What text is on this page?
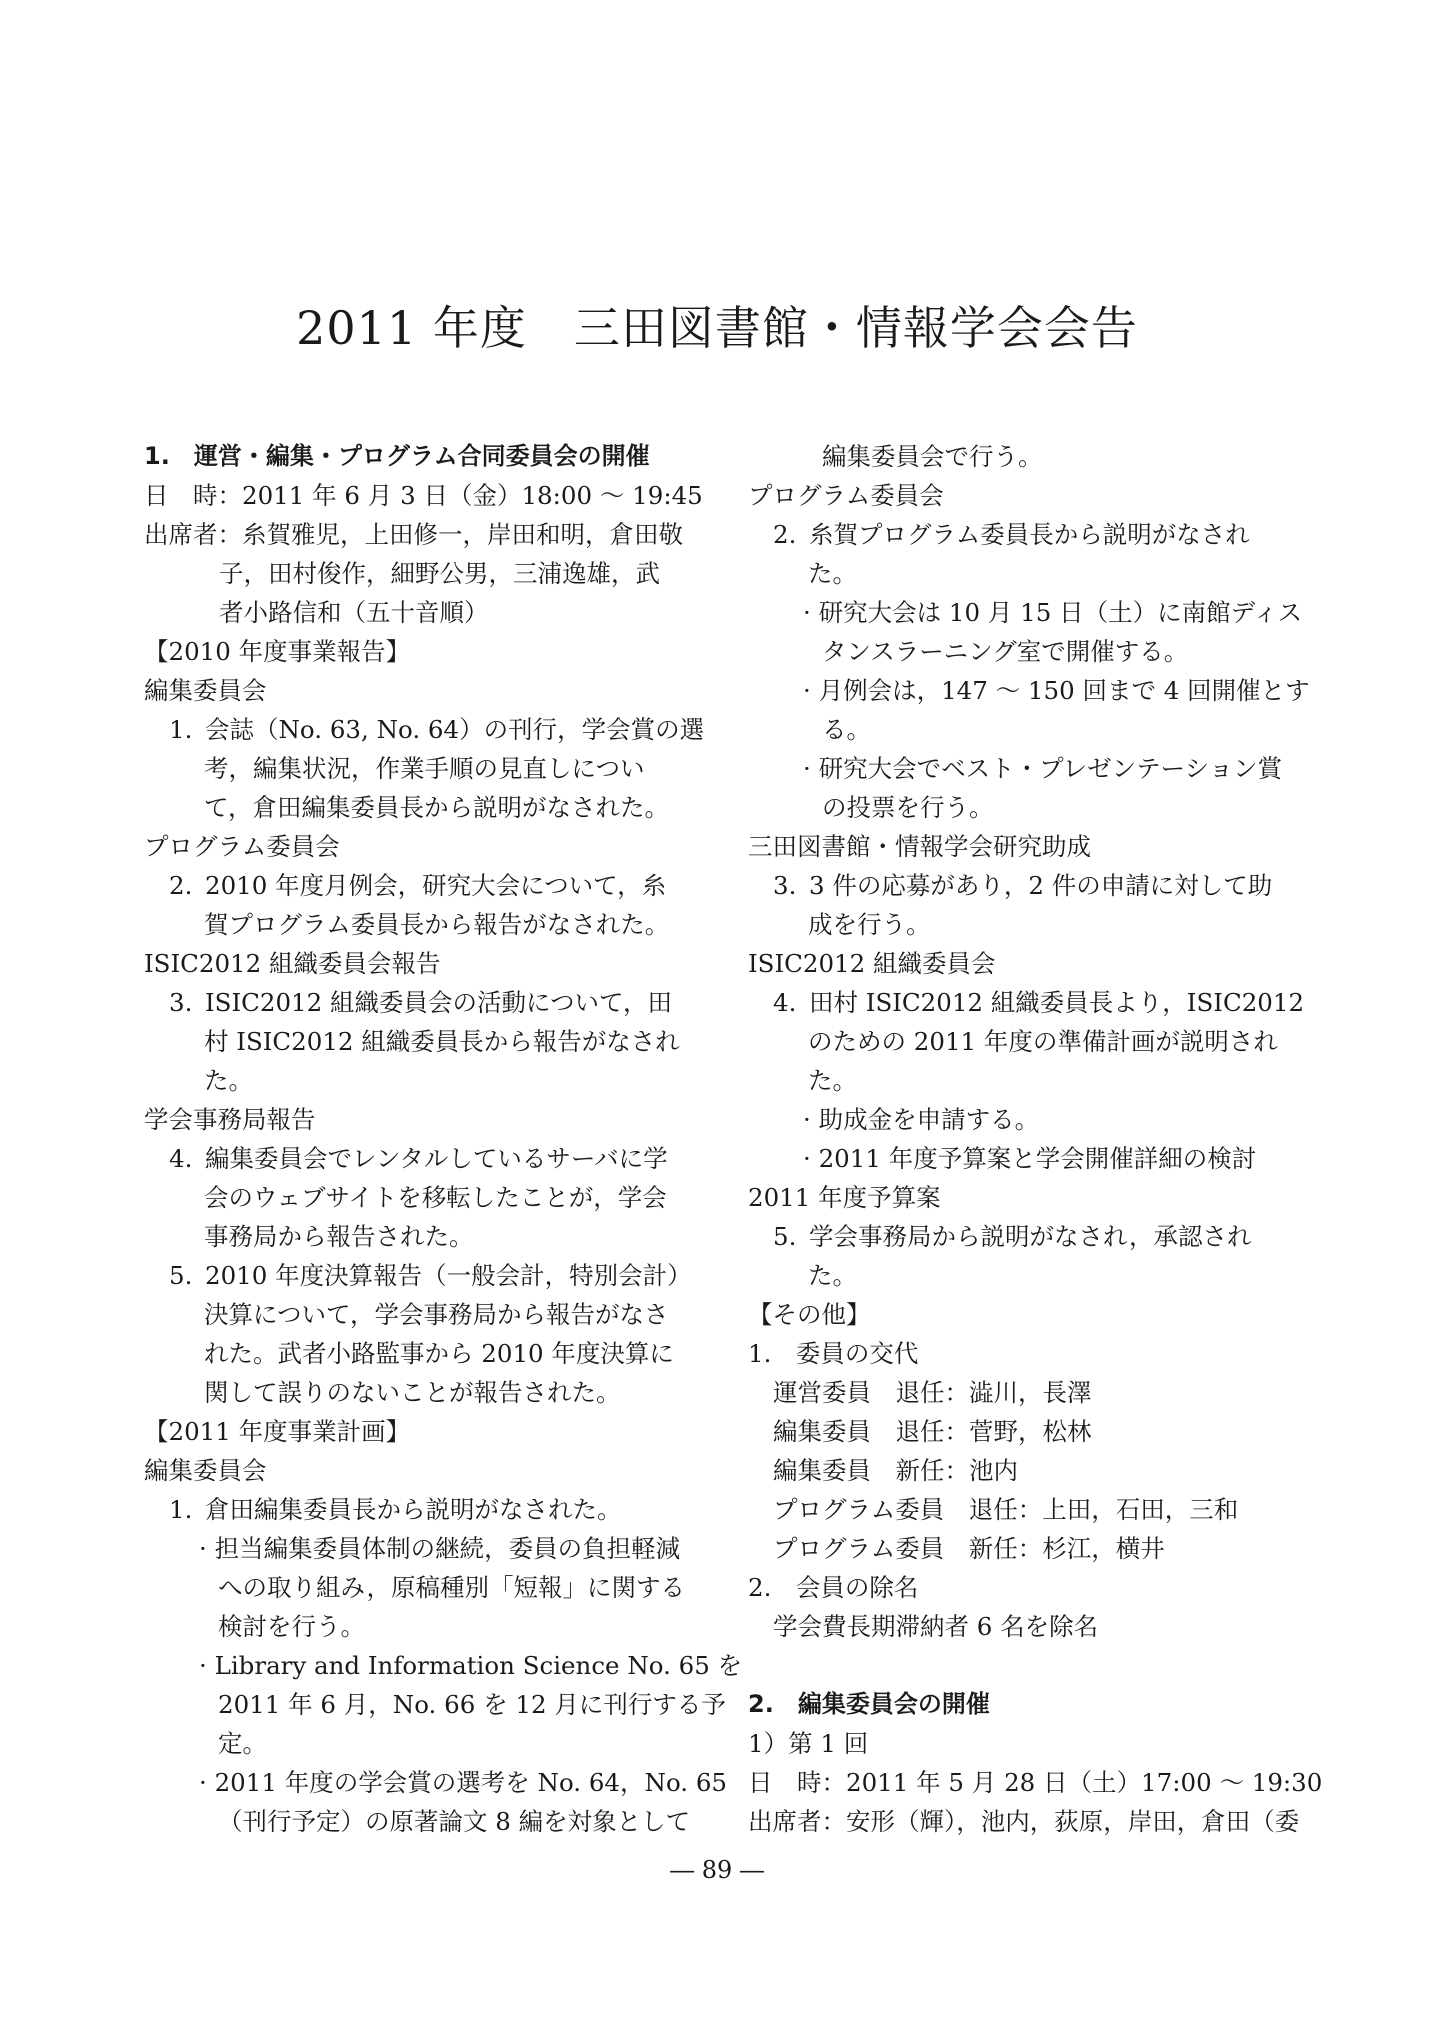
2011 年度　三田図書館・情報学会会告
1.　運営・編集・プログラム合同委員会の開催
日　時：2011 年 6 月 3 日（金）18:00 ～ 19:45
出席者：糸賀雅児，上田修一，岸田和明，倉田敬
子，田村俊作，細野公男，三浦逸雄，武
者小路信和（五十音順）
【2010 年度事業報告】
編集委員会
1. 会誌（No. 63, No. 64）の刊行，学会賞の選
考，編集状況，作業手順の見直しについ
て，倉田編集委員長から説明がなされた。
プログラム委員会
2. 2010 年度月例会，研究大会について，糸
賀プログラム委員長から報告がなされた。
ISIC2012 組織委員会報告
3. ISIC2012 組織委員会の活動について，田
村 ISIC2012 組織委員長から報告がなされ
た。
学会事務局報告
4. 編集委員会でレンタルしているサーバに学
会のウェブサイトを移転したことが，学会
事務局から報告された。
5. 2010 年度決算報告（一般会計，特別会計）
決算について，学会事務局から報告がなさ
れた。武者小路監事から 2010 年度決算に
関して誤りのないことが報告された。
【2011 年度事業計画】
編集委員会
1. 倉田編集委員長から説明がなされた。
· 担当編集委員体制の継続，委員の負担軽減
への取り組み，原稿種別「短報」に関する
検討を行う。
· Library and Information Science No. 65 を
2011 年 6 月，No. 66 を 12 月に刊行する予
定。
· 2011 年度の学会賞の選考を No. 64，No. 65
（刊行予定）の原著論文 8 編を対象として
編集委員会で行う。
プログラム委員会
2. 糸賀プログラム委員長から説明がなされ
た。
· 研究大会は 10 月 15 日（土）に南館ディス
タンスラーニング室で開催する。
· 月例会は，147 ～ 150 回まで 4 回開催とす
る。
· 研究大会でベスト・プレゼンテーション賞
の投票を行う。
三田図書館・情報学会研究助成
3. 3 件の応募があり，2 件の申請に対して助
成を行う。
ISIC2012 組織委員会
4. 田村 ISIC2012 組織委員長より，ISIC2012
のための 2011 年度の準備計画が説明され
た。
· 助成金を申請する。
· 2011 年度予算案と学会開催詳細の検討
2011 年度予算案
5. 学会事務局から説明がなされ，承認され
た。
【その他】
1.　委員の交代
運営委員　退任：澁川，長澤
編集委員　退任：菅野，松林
編集委員　新任：池内
プログラム委員　退任：上田，石田，三和
プログラム委員　新任：杉江，横井
2.　会員の除名
学会費長期滞納者 6 名を除名
2.　編集委員会の開催
1）第 1 回
日　時：2011 年 5 月 28 日（土）17:00 ～ 19:30
出席者：安形（輝），池内，荻原，岸田，倉田（委
― 89 ―
